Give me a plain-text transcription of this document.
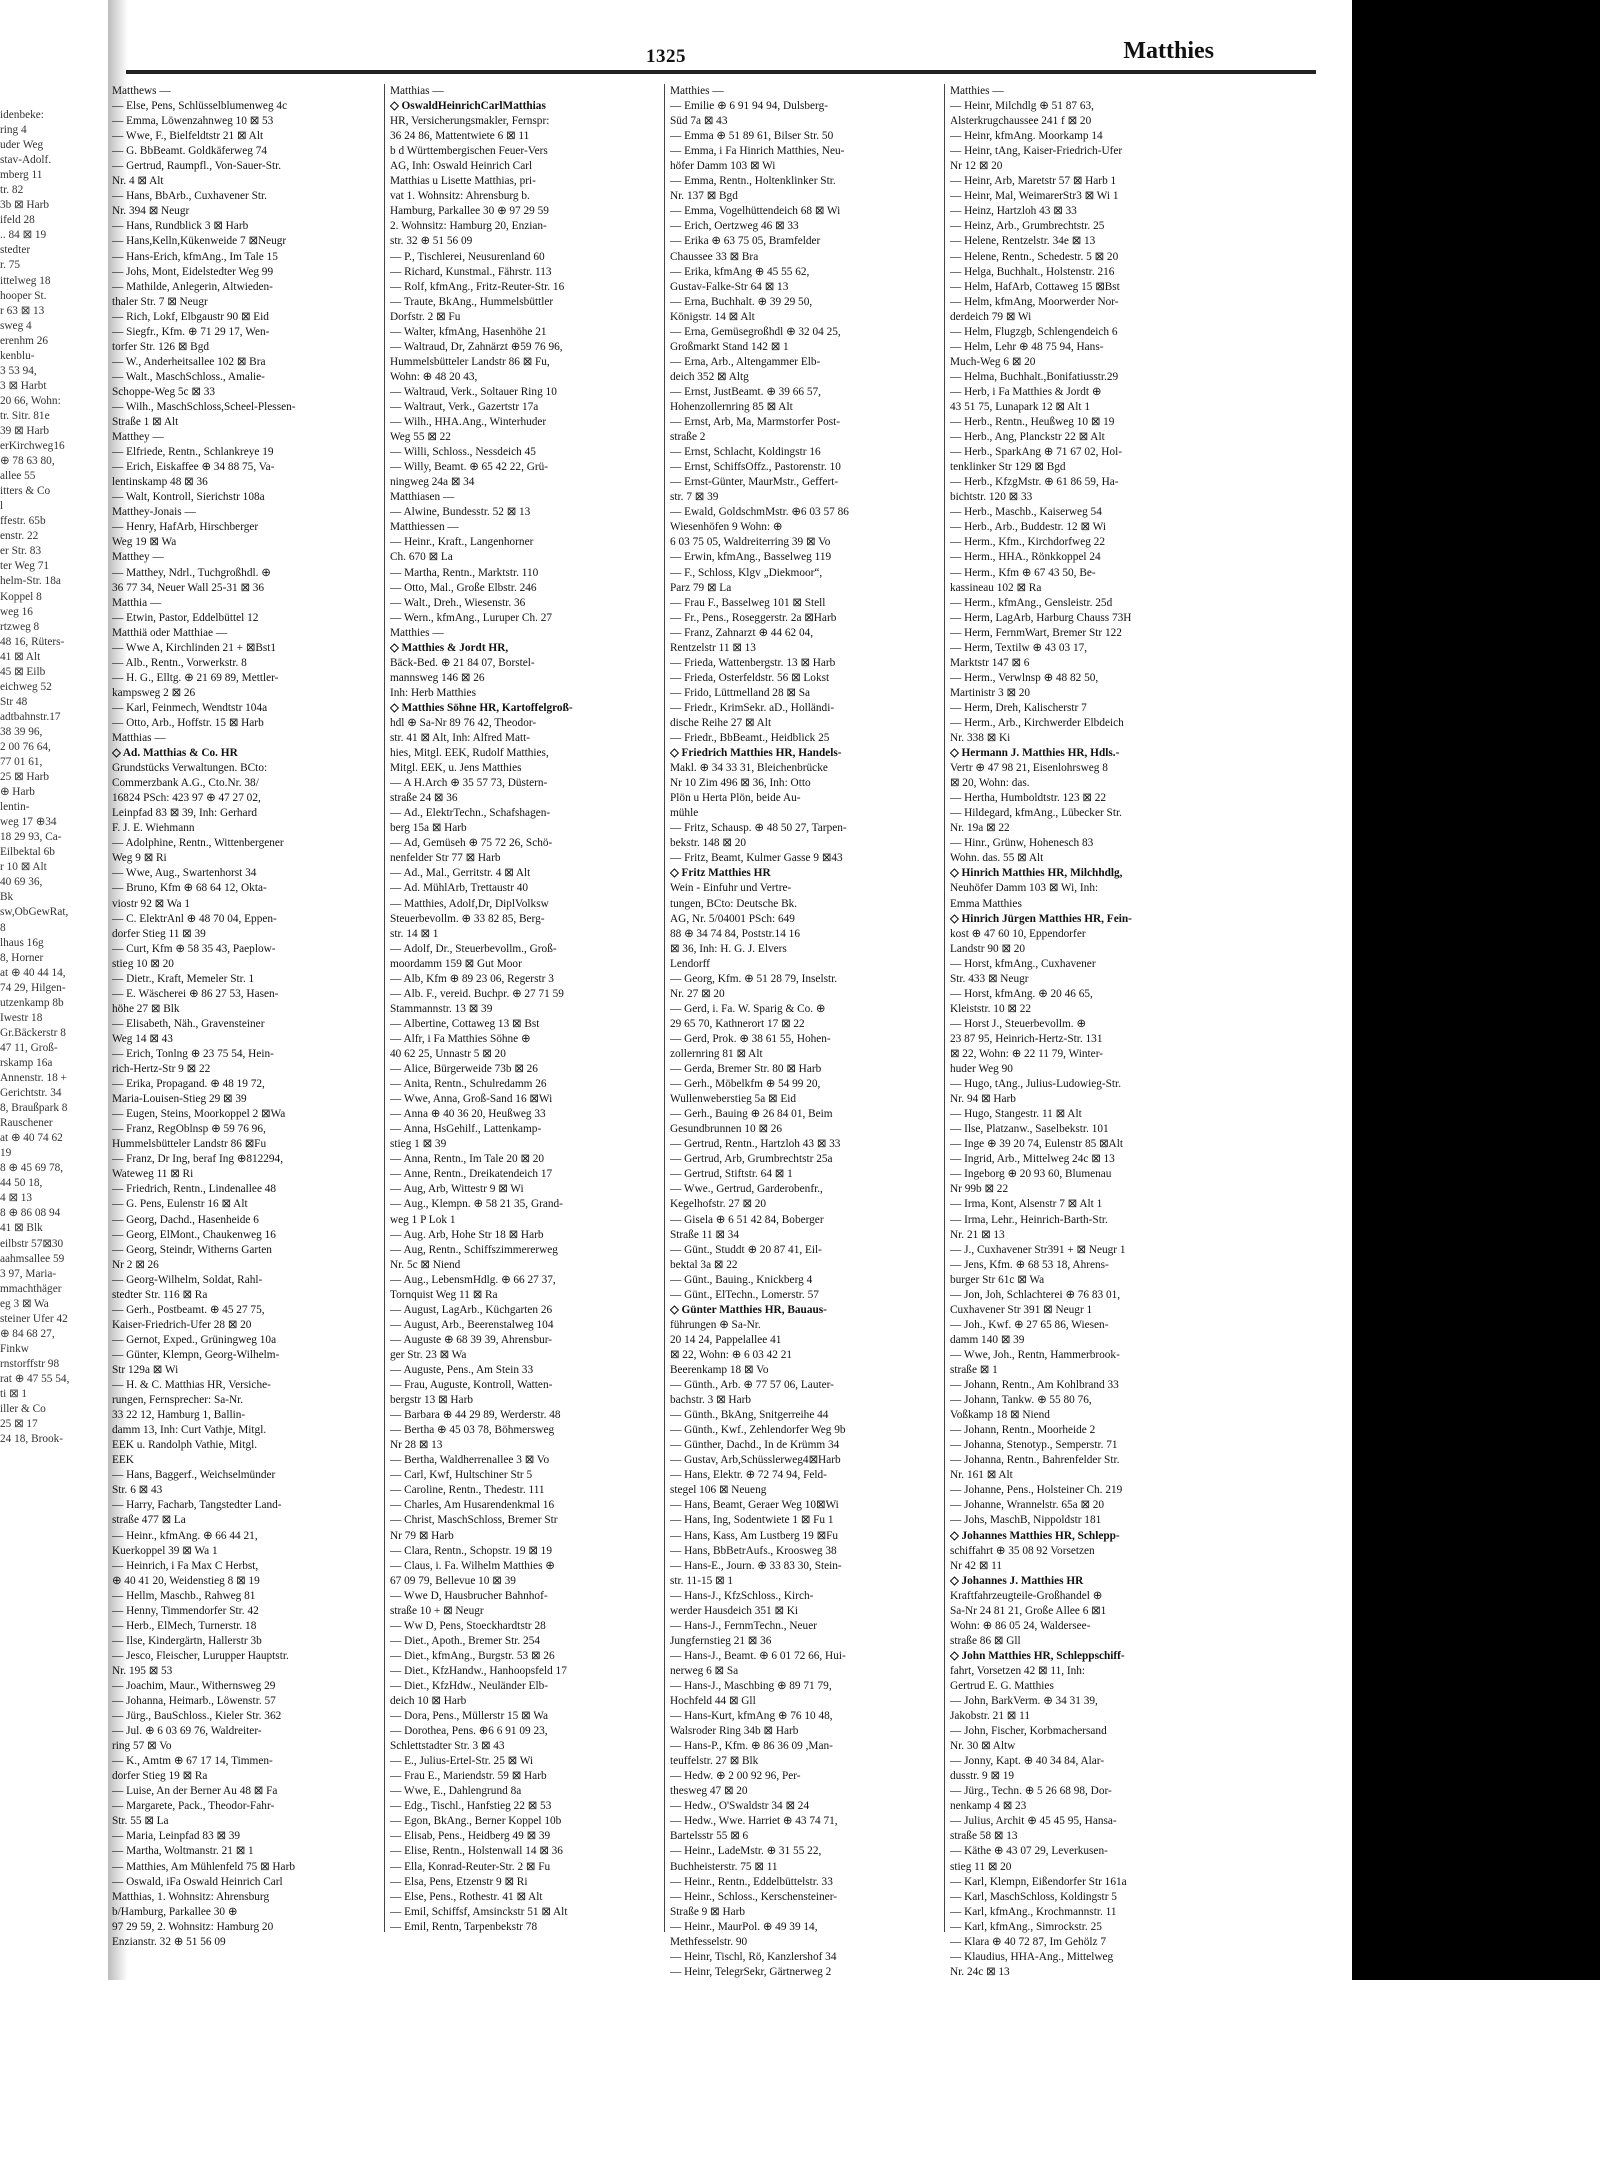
idenbeke:

ring 4

uder Weg

stav-Adolf.

mberg 11

tr. 82

3b ⊠ Harb

ifeld 28

.. 84 ⊠ 19

stedter

r. 75

ittelweg 18

hooper St.

r 63 ⊠ 13

sweg 4

erenhm 26

kenblu-

3 53 94,

3 ⊠ Harbt

20 66, Wohn:

tr. Sitr. 81e

39 ⊠ Harb

erKirchweg16

⊕ 78 63 80,

allee 55

itters & Co

l

ffestr. 65b

enstr. 22

er Str. 83

ter Weg 71

helm-Str. 18a

Koppel 8

weg 16

rtzweg 8

48 16, Rüters-

41 ⊠ Alt

45 ⊠ Eilb

eichweg 52

Str 48

adtbahnstr.17

38 39 96,

2 00 76 64,

77 01 61,

25 ⊠ Harb

⊕ Harb

lentin-

weg 17 ⊕34

18 29 93, Ca-

Eilbektal 6b

r 10 ⊠ Alt

40 69 36,

Bk

sw,ObGewRat,

8

lhaus 16g

8, Horner

at ⊕ 40 44 14,

74 29, Hilgen-

utzenkamp 8b

Iwestr 18

Gr.Bäckerstr 8

47 11, Groß-

rskamp 16a

Annenstr. 18 +

Gerichtstr. 34

8, Braußpark 8

Rauschener

at ⊕ 40 74 62

19

8 ⊕ 45 69 78,

44 50 18,

4 ⊠ 13

8 ⊕ 86 08 94

41 ⊠ Blk

eilbstr 57⊠30

aahmsallee 59

3 97, Maria-

mmachthäger

eg 3 ⊠ Wa

steiner Ufer 42

⊕ 84 68 27,

Finkw

rnstorffstr 98

rat ⊕ 47 55 54,

ti ⊠ 1

iller & Co

25 ⊠ 17

24 18, Brook-

1325	Matthies

Matthews —

— Else, Pens, Schlüsselblumenweg 4c

— Emma, Löwenzahnweg 10 ⊠ 53

— Wwe, F., Bielfeldtstr 21 ⊠ Alt

— G. BbBeamt. Goldkäferweg 74

— Gertrud, Raumpfl., Von-Sauer-Str.

Nr. 4 ⊠ Alt

— Hans, BbArb., Cuxhavener Str.

Nr. 394 ⊠ Neugr

— Hans, Rundblick 3 ⊠ Harb

— Hans,Kelln,Kükenweide 7 ⊠Neugr

— Hans-Erich, kfmAng., Im Tale 15

— Johs, Mont, Eidelstedter Weg 99

— Mathilde, Anlegerin, Altwieden-

thaler Str. 7 ⊠ Neugr

— Rich, Lokf, Elbgaustr 90 ⊠ Eid

— Siegfr., Kfm. ⊕ 71 29 17, Wen-

torfer Str. 126 ⊠ Bgd

— W., Anderheitsallee 102 ⊠ Bra

— Walt., MaschSchloss., Amalie-

Schoppe-Weg 5c ⊠ 33

— Wilh., MaschSchloss,Scheel-Plessen-

Straße 1 ⊠ Alt

Matthey —

— Elfriede, Rentn., Schlankreye 19

— Erich, Eiskaffee ⊕ 34 88 75, Va-

lentinskamp 48 ⊠ 36

— Walt, Kontroll, Sierichstr 108a

Matthey-Jonais —

— Henry, HafArb, Hirschberger

Weg 19 ⊠ Wa

Matthey —

— Matthey, Ndrl., Tuchgroßhdl. ⊕

36 77 34, Neuer Wall 25-31 ⊠ 36

Matthia —

— Etwin, Pastor, Eddelbüttel 12

Matthiä oder Matthiae —

— Wwe A, Kirchlinden 21 + ⊠Bst1

— Alb., Rentn., Vorwerkstr. 8

— H. G., Elltg. ⊕ 21 69 89, Mettler-

kampsweg 2 ⊠ 26

— Karl, Feinmech, Wendtstr 104a

— Otto, Arb., Hoffstr. 15 ⊠ Harb

Matthias —

◇ Ad. Matthias & Co. HR

Grundstücks Verwaltungen. BCto:

Commerzbank A.G., Cto.Nr. 38/

16824 PSch: 423 97 ⊕ 47 27 02,

Leinpfad 83 ⊠ 39, Inh: Gerhard

F. J. E. Wiehmann

— Adolphine, Rentn., Wittenbergener

Weg 9 ⊠ Ri

— Wwe, Aug., Swartenhorst 34

— Bruno, Kfm ⊕ 68 64 12, Okta-

viostr 92 ⊠ Wa 1

— C. ElektrAnl ⊕ 48 70 04, Eppen-

dorfer Stieg 11 ⊠ 39

— Curt, Kfm ⊕ 58 35 43, Paeplow-

stieg 10 ⊠ 20

— Dietr., Kraft, Memeler Str. 1

— E. Wäscherei ⊕ 86 27 53, Hasen-

höhe 27 ⊠ Blk

— Elisabeth, Näh., Gravensteiner

Weg 14 ⊠ 43

— Erich, Tonlng ⊕ 23 75 54, Hein-

rich-Hertz-Str 9 ⊠ 22

— Erika, Propagand. ⊕ 48 19 72,

Maria-Louisen-Stieg 29 ⊠ 39

— Eugen, Steins, Moorkoppel 2 ⊠Wa

— Franz, RegOblnsp ⊕ 59 76 96,

Hummelsbütteler Landstr 86 ⊠Fu

— Franz, Dr Ing, beraf Ing ⊕812294,

Wateweg 11 ⊠ Ri

— Friedrich, Rentn., Lindenallee 48

— G. Pens, Eulenstr 16 ⊠ Alt

— Georg, Dachd., Hasenheide 6

— Georg, ElMont., Chaukenweg 16

— Georg, Steindr, Witherns Garten

Nr 2 ⊠ 26

— Georg-Wilhelm, Soldat, Rahl-

stedter Str. 116 ⊠ Ra

— Gerh., Postbeamt. ⊕ 45 27 75,

Kaiser-Friedrich-Ufer 28 ⊠ 20

— Gernot, Exped., Grüningweg 10a

— Günter, Klempn, Georg-Wilhelm-

Str 129a ⊠ Wi

— H. & C. Matthias HR, Versiche-

rungen, Fernsprecher: Sa-Nr.

33 22 12, Hamburg 1, Ballin-

damm 13, Inh: Curt Vathje, Mitgl.

EEK u. Randolph Vathie, Mitgl.

EEK

— Hans, Baggerf., Weichselmünder

Str. 6 ⊠ 43

— Harry, Facharb, Tangstedter Land-

straße 477 ⊠ La

— Heinr., kfmAng. ⊕ 66 44 21,

Kuerkoppel 39 ⊠ Wa 1

— Heinrich, i Fa Max C Herbst,

⊕ 40 41 20, Weidenstieg 8 ⊠ 19

— Hellm, Maschb., Rahweg 81

— Henny, Timmendorfer Str. 42

— Herb., ElMech, Turnerstr. 18

— Ilse, Kindergärtn, Hallerstr 3b

— Jesco, Fleischer, Lurupper Hauptstr.

Nr. 195 ⊠ 53

— Joachim, Maur., Withernsweg 29

— Johanna, Heimarb., Löwenstr. 57

— Jürg., BauSchloss., Kieler Str. 362

— Jul. ⊕ 6 03 69 76, Waldreiter-

ring 57 ⊠ Vo

— K., Amtm ⊕ 67 17 14, Timmen-

dorfer Stieg 19 ⊠ Ra

— Luise, An der Berner Au 48 ⊠ Fa

— Margarete, Pack., Theodor-Fahr-

Str. 55 ⊠ La

— Maria, Leinpfad 83 ⊠ 39

— Martha, Woltmanstr. 21 ⊠ 1

— Matthies, Am Mühlenfeld 75 ⊠ Harb

— Oswald, iFa Oswald Heinrich Carl

Matthias, 1. Wohnsitz: Ahrensburg

b/Hamburg, Parkallee 30 ⊕

97 29 59, 2. Wohnsitz: Hamburg 20

Enzianstr. 32 ⊕ 51 56 09

Matthias —

◇ OswaldHeinrichCarlMatthias

HR, Versicherungsmakler, Fernspr:

36 24 86, Mattentwiete 6 ⊠ 11

b d Württembergischen Feuer-Vers

AG, Inh: Oswald Heinrich Carl

Matthias u Lisette Matthias, pri-

vat 1. Wohnsitz: Ahrensburg b.

Hamburg, Parkallee 30 ⊕ 97 29 59

2. Wohnsitz: Hamburg 20, Enzian-

str. 32 ⊕ 51 56 09

— P., Tischlerei, Neusurenland 60

— Richard, Kunstmal., Fährstr. 113

— Rolf, kfmAng., Fritz-Reuter-Str. 16

— Traute, BkAng., Hummelsbüttler

Dorfstr. 2 ⊠ Fu

— Walter, kfmAng, Hasenhöhe 21

— Waltraud, Dr, Zahnärzt ⊕59 76 96,

Hummelsbütteler Landstr 86 ⊠ Fu,

Wohn: ⊕ 48 20 43,

— Waltraud, Verk., Soltauer Ring 10

— Waltraut, Verk., Gazertstr 17a

— Wilh., HHA.Ang., Winterhuder

Weg 55 ⊠ 22

— Willi, Schloss., Nessdeich 45

— Willy, Beamt. ⊕ 65 42 22, Grü-

ningweg 24a ⊠ 34

Matthiasen —

— Alwine, Bundesstr. 52 ⊠ 13

Matthiessen —

— Heinr., Kraft., Langenhorner

Ch. 670 ⊠ La

— Martha, Rentn., Marktstr. 110

— Otto, Mal., Große Elbstr. 246

— Walt., Dreh., Wiesenstr. 36

— Wern., kfmAng., Luruper Ch. 27

Matthies —

◇ Matthies & Jordt HR,

Bäck-Bed. ⊕ 21 84 07, Borstel-

mannsweg 146 ⊠ 26

Inh: Herb Matthies

◇ Matthies Söhne HR, Kartoffelgroß-

hdl ⊕ Sa-Nr 89 76 42, Theodor-

str. 41 ⊠ Alt, Inh: Alfred Matt-

hies, Mitgl. EEK, Rudolf Matthies,

Mitgl. EEK, u. Jens Matthies

— A H.Arch ⊕ 35 57 73, Düstern-

straße 24 ⊠ 36

— Ad., ElektrTechn., Schafshagen-

berg 15a ⊠ Harb

— Ad, Gemüseh ⊕ 75 72 26, Schö-

nenfelder Str 77 ⊠ Harb

— Ad., Mal., Gerritstr. 4 ⊠ Alt

— Ad. MühlArb, Trettaustr 40

— Matthies, Adolf,Dr, DiplVolksw

Steuerbevollm. ⊕ 33 82 85, Berg-

str. 14 ⊠ 1

— Adolf, Dr., Steuerbevollm., Groß-

moordamm 159 ⊠ Gut Moor

— Alb, Kfm ⊕ 89 23 06, Regerstr 3

— Alb. F., vereid. Buchpr. ⊕ 27 71 59

Stammannstr. 13 ⊠ 39

— Albertine, Cottaweg 13 ⊠ Bst

— Alfr, i Fa Matthies Söhne ⊕

40 62 25, Unnastr 5 ⊠ 20

— Alice, Bürgerweide 73b ⊠ 26

— Anita, Rentn., Schulredamm 26

— Wwe, Anna, Groß-Sand 16 ⊠Wi

— Anna ⊕ 40 36 20, Heußweg 33

— Anna, HsGehilf., Lattenkamp-

stieg 1 ⊠ 39

— Anna, Rentn., Im Tale 20 ⊠ 20

— Anne, Rentn., Dreikatendeich 17

— Aug, Arb, Wittestr 9 ⊠ Wi

— Aug., Klempn. ⊕ 58 21 35, Grand-

weg 1 P Lok 1

— Aug. Arb, Hohe Str 18 ⊠ Harb

— Aug, Rentn., Schiffszimmererweg

Nr. 5c ⊠ Niend

— Aug., LebensmHdlg. ⊕ 66 27 37,

Tornquist Weg 11 ⊠ Ra

— August, LagArb., Küchgarten 26

— August, Arb., Beerenstalweg 104

— Auguste ⊕ 68 39 39, Ahrensbur-

ger Str. 23 ⊠ Wa

— Auguste, Pens., Am Stein 33

— Frau, Auguste, Kontroll, Watten-

bergstr 13 ⊠ Harb

— Barbara ⊕ 44 29 89, Werderstr. 48

— Bertha ⊕ 45 03 78, Böhmersweg

Nr 28 ⊠ 13

— Bertha, Waldherrenallee 3 ⊠ Vo

— Carl, Kwf, Hultschiner Str 5

— Caroline, Rentn., Thedestr. 111

— Charles, Am Husarendenkmal 16

— Christ, MaschSchloss, Bremer Str

Nr 79 ⊠ Harb

— Clara, Rentn., Schopstr. 19 ⊠ 19

— Claus, i. Fa. Wilhelm Matthies ⊕

67 09 79, Bellevue 10 ⊠ 39

— Wwe D, Hausbrucher Bahnhof-

straße 10 + ⊠ Neugr

— Ww D, Pens, Stoeckhardtstr 28

— Diet., Apoth., Bremer Str. 254

— Diet., kfmAng., Burgstr. 53 ⊠ 26

— Diet., KfzHandw., Hanhoopsfeld 17

— Diet., KfzHdw., Neuländer Elb-

deich 10 ⊠ Harb

— Dora, Pens., Müllerstr 15 ⊠ Wa

— Dorothea, Pens. ⊕6 6 91 09 23,

Schlettstadter Str. 3 ⊠ 43

— E., Julius-Ertel-Str. 25 ⊠ Wi

— Frau E., Mariendstr. 59 ⊠ Harb

— Wwe, E., Dahlengrund 8a

— Edg., Tischl., Hanfstieg 22 ⊠ 53

— Egon, BkAng., Berner Koppel 10b

— Elisab, Pens., Heidberg 49 ⊠ 39

— Elise, Rentn., Holstenwall 14 ⊠ 36

— Ella, Konrad-Reuter-Str. 2 ⊠ Fu

— Elsa, Pens, Etzenstr 9 ⊠ Ri

— Else, Pens., Rothestr. 41 ⊠ Alt

— Emil, Schiffsf, Amsinckstr 51 ⊠ Alt

— Emil, Rentn, Tarpenbekstr 78

Matthies —

— Emilie ⊕ 6 91 94 94, Dulsberg-

Süd 7a ⊠ 43

— Emma ⊕ 51 89 61, Bilser Str. 50

— Emma, i Fa Hinrich Matthies, Neu-

höfer Damm 103 ⊠ Wi

— Emma, Rentn., Holtenklinker Str.

Nr. 137 ⊠ Bgd

— Emma, Vogelhüttendeich 68 ⊠ Wi

— Erich, Oertzweg 46 ⊠ 33

— Erika ⊕ 63 75 05, Bramfelder

Chaussee 33 ⊠ Bra

— Erika, kfmAng ⊕ 45 55 62,

Gustav-Falke-Str 64 ⊠ 13

— Erna, Buchhalt. ⊕ 39 29 50,

Königstr. 14 ⊠ Alt

— Erna, Gemüsegroßhdl ⊕ 32 04 25,

Großmarkt Stand 142 ⊠ 1

— Erna, Arb., Altengammer Elb-

deich 352 ⊠ Altg

— Ernst, JustBeamt. ⊕ 39 66 57,

Hohenzollernring 85 ⊠ Alt

— Ernst, Arb, Ma, Marmstorfer Post-

straße 2

— Ernst, Schlacht, Koldingstr 16

— Ernst, SchiffsOffz., Pastorenstr. 10

— Ernst-Günter, MaurMstr., Geffert-

str. 7 ⊠ 39

— Ewald, GoldschmMstr. ⊕6 03 57 86

Wiesenhöfen 9 Wohn: ⊕

6 03 75 05, Waldreiterring 39 ⊠ Vo

— Erwin, kfmAng., Basselweg 119

— F., Schloss, Klgv „Diekmoor“,

Parz 79 ⊠ La

— Frau F., Basselweg 101 ⊠ Stell

— Fr., Pens., Roseggerstr. 2a ⊠Harb

— Franz, Zahnarzt ⊕ 44 62 04,

Rentzelstr 11 ⊠ 13

— Frieda, Wattenbergstr. 13 ⊠ Harb

— Frieda, Osterfeldstr. 56 ⊠ Lokst

— Frido, Lüttmelland 28 ⊠ Sa

— Friedr., KrimSekr. aD., Holländi-

dische Reihe 27 ⊠ Alt

— Friedr., BbBeamt., Heidblick 25

◇ Friedrich Matthies HR, Handels-

Makl. ⊕ 34 33 31, Bleichenbrücke

Nr 10 Zim 496 ⊠ 36, Inh: Otto

Plön u Herta Plön, beide Au-

mühle

— Fritz, Schausp. ⊕ 48 50 27, Tarpen-

bekstr. 148 ⊠ 20

— Fritz, Beamt, Kulmer Gasse 9 ⊠43

◇ Fritz Matthies HR

Wein - Einfuhr und Vertre-

tungen, BCto: Deutsche Bk.

AG, Nr. 5/04001 PSch: 649

88 ⊕ 34 74 84, Poststr.14 16

⊠ 36, Inh: H. G. J. Elvers

Lendorff

— Georg, Kfm. ⊕ 51 28 79, Inselstr.

Nr. 27 ⊠ 20

— Gerd, i. Fa. W. Sparig & Co. ⊕

29 65 70, Kathnerort 17 ⊠ 22

— Gerd, Prok. ⊕ 38 61 55, Hohen-

zollernring 81 ⊠ Alt

— Gerda, Bremer Str. 80 ⊠ Harb

— Gerh., Möbelkfm ⊕ 54 99 20,

Wullenweberstieg 5a ⊠ Eid

— Gerh., Bauing ⊕ 26 84 01, Beim

Gesundbrunnen 10 ⊠ 26

— Gertrud, Rentn., Hartzloh 43 ⊠ 33

— Gertrud, Arb, Grumbrechtstr 25a

— Gertrud, Stiftstr. 64 ⊠ 1

— Wwe., Gertrud, Garderobenfr.,

Kegelhofstr. 27 ⊠ 20

— Gisela ⊕ 6 51 42 84, Boberger

Straße 11 ⊠ 34

— Günt., Studdt ⊕ 20 87 41, Eil-

bektal 3a ⊠ 22

— Günt., Bauing., Knickberg 4

— Günt., ElTechn., Lomerstr. 57

◇ Günter Matthies HR, Bauaus-

führungen ⊕ Sa-Nr.

20 14 24, Pappelallee 41

⊠ 22, Wohn: ⊕ 6 03 42 21

Beerenkamp 18 ⊠ Vo

— Günth., Arb. ⊕ 77 57 06, Lauter-

bachstr. 3 ⊠ Harb

— Günth., BkAng, Snitgerreihe 44

— Günth., Kwf., Zehlendorfer Weg 9b

— Günther, Dachd., In de Krümm 34

— Gustav, Arb,Schüsslerweg4⊠Harb

— Hans, Elektr. ⊕ 72 74 94, Feld-

stegel 106 ⊠ Neueng

— Hans, Beamt, Geraer Weg 10⊠Wi

— Hans, Ing, Sodentwiete 1 ⊠ Fu 1

— Hans, Kass, Am Lustberg 19 ⊠Fu

— Hans, BbBetrAufs., Kroosweg 38

— Hans-E., Journ. ⊕ 33 83 30, Stein-

str. 11-15 ⊠ 1

— Hans-J., KfzSchloss., Kirch-

werder Hausdeich 351 ⊠ Ki

— Hans-J., FernmTechn., Neuer

Jungfernstieg 21 ⊠ 36

— Hans-J., Beamt. ⊕ 6 01 72 66, Hui-

nerweg 6 ⊠ Sa

— Hans-J., Maschbing ⊕ 89 71 79,

Hochfeld 44 ⊠ Gll

— Hans-Kurt, kfmAng ⊕ 76 10 48,

Walsroder Ring 34b ⊠ Harb

— Hans-P., Kfm. ⊕ 86 36 09 ,Man-

teuffelstr. 27 ⊠ Blk

— Hedw. ⊕ 2 00 92 96, Per-

thesweg 47 ⊠ 20

— Hedw., O'Swaldstr 34 ⊠ 24

— Hedw., Wwe. Harriet ⊕ 43 74 71,

Bartelsstr 55 ⊠ 6

— Heinr., LadeMstr. ⊕ 31 55 22,

Buchheisterstr. 75 ⊠ 11

— Heinr., Rentn., Eddelbüttelstr. 33

— Heinr., Schloss., Kerschensteiner-

Straße 9 ⊠ Harb

— Heinr., MaurPol. ⊕ 49 39 14,

Methfesselstr. 90

— Heinr, Tischl, Rö, Kanzlershof 34

— Heinr, TelegrSekr, Gärtnerweg 2

Matthies —

— Heinr, Milchdlg ⊕ 51 87 63,

Alsterkrugchaussee 241 f ⊠ 20

— Heinr, kfmAng. Moorkamp 14

— Heinr, tAng, Kaiser-Friedrich-Ufer

Nr 12 ⊠ 20

— Heinr, Arb, Maretstr 57 ⊠ Harb 1

— Heinr, Mal, WeimarerStr3 ⊠ Wi 1

— Heinz, Hartzloh 43 ⊠ 33

— Heinz, Arb., Grumbrechtstr. 25

— Helene, Rentzelstr. 34e ⊠ 13

— Helene, Rentn., Schedestr. 5 ⊠ 20

— Helga, Buchhalt., Holstenstr. 216

— Helm, HafArb, Cottaweg 15 ⊠Bst

— Helm, kfmAng, Moorwerder Nor-

derdeich 79 ⊠ Wi

— Helm, Flugzgb, Schlengendeich 6

— Helm, Lehr ⊕ 48 75 94, Hans-

Much-Weg 6 ⊠ 20

— Helma, Buchhalt.,Bonifatiusstr.29

— Herb, i Fa Matthies & Jordt ⊕

43 51 75, Lunapark 12 ⊠ Alt 1

— Herb., Rentn., Heußweg 10 ⊠ 19

— Herb., Ang, Planckstr 22 ⊠ Alt

— Herb., SparkAng ⊕ 71 67 02, Hol-

tenklinker Str 129 ⊠ Bgd

— Herb., KfzgMstr. ⊕ 61 86 59, Ha-

bichtstr. 120 ⊠ 33

— Herb., Maschb., Kaiserweg 54

— Herb., Arb., Buddestr. 12 ⊠ Wi

— Herm., Kfm., Kirchdorfweg 22

— Herm., HHA., Rönkkoppel 24

— Herm., Kfm ⊕ 67 43 50, Be-

kassineau 102 ⊠ Ra

— Herm., kfmAng., Gensleistr. 25d

— Herm, LagArb, Harburg Chauss 73H

— Herm, FernmWart, Bremer Str 122

— Herm, Textilw ⊕ 43 03 17,

Marktstr 147 ⊠ 6

— Herm., Verwlnsp ⊕ 48 82 50,

Martinistr 3 ⊠ 20

— Herm, Dreh, Kalischerstr 7

— Herm., Arb., Kirchwerder Elbdeich

Nr. 338 ⊠ Ki

◇ Hermann J. Matthies HR, Hdls.-

Vertr ⊕ 47 98 21, Eisenlohrsweg 8

⊠ 20, Wohn: das.

— Hertha, Humboldtstr. 123 ⊠ 22

— Hildegard, kfmAng., Lübecker Str.

Nr. 19a ⊠ 22

— Hinr., Grünw, Hohenesch 83

Wohn. das. 55 ⊠ Alt

◇ Hinrich Matthies HR, Milchhdlg,

Neuhöfer Damm 103 ⊠ Wi, Inh:

Emma Matthies

◇ Hinrich Jürgen Matthies HR, Fein-

kost ⊕ 47 60 10, Eppendorfer

Landstr 90 ⊠ 20

— Horst, kfmAng., Cuxhavener

Str. 433 ⊠ Neugr

— Horst, kfmAng. ⊕ 20 46 65,

Kleiststr. 10 ⊠ 22

— Horst J., Steuerbevollm. ⊕

23 87 95, Heinrich-Hertz-Str. 131

⊠ 22, Wohn: ⊕ 22 11 79, Winter-

huder Weg 90

— Hugo, tAng., Julius-Ludowieg-Str.

Nr. 94 ⊠ Harb

— Hugo, Stangestr. 11 ⊠ Alt

— Ilse, Platzanw., Saselbekstr. 101

— Inge ⊕ 39 20 74, Eulenstr 85 ⊠Alt

— Ingrid, Arb., Mittelweg 24c ⊠ 13

— Ingeborg ⊕ 20 93 60, Blumenau

Nr 99b ⊠ 22

— Irma, Kont, Alsenstr 7 ⊠ Alt 1

— Irma, Lehr., Heinrich-Barth-Str.

Nr. 21 ⊠ 13

— J., Cuxhavener Str391 + ⊠ Neugr 1

— Jens, Kfm. ⊕ 68 53 18, Ahrens-

burger Str 61c ⊠ Wa

— Jon, Joh, Schlachterei ⊕ 76 83 01,

Cuxhavener Str 391 ⊠ Neugr 1

— Joh., Kwf. ⊕ 27 65 86, Wiesen-

damm 140 ⊠ 39

— Wwe, Joh., Rentn, Hammerbrook-

straße ⊠ 1

— Johann, Rentn., Am Kohlbrand 33

— Johann, Tankw. ⊕ 55 80 76,

Voßkamp 18 ⊠ Niend

— Johann, Rentn., Moorheide 2

— Johanna, Stenotyp., Semperstr. 71

— Johanna, Rentn., Bahrenfelder Str.

Nr. 161 ⊠ Alt

— Johanne, Pens., Holsteiner Ch. 219

— Johanne, Wrannelstr. 65a ⊠ 20

— Johs, MaschB, Nippoldstr 181

◇ Johannes Matthies HR, Schlepp-

schiffahrt ⊕ 35 08 92 Vorsetzen

Nr 42 ⊠ 11

◇ Johannes J. Matthies HR

Kraftfahrzeugteile-Großhandel ⊕

Sa-Nr 24 81 21, Große Allee 6 ⊠1

Wohn: ⊕ 86 05 24, Waldersee-

straße 86 ⊠ Gll

◇ John Matthies HR, Schleppschiff-

fahrt, Vorsetzen 42 ⊠ 11, Inh:

Gertrud E. G. Matthies

— John, BarkVerm. ⊕ 34 31 39,

Jakobstr. 21 ⊠ 11

— John, Fischer, Korbmachersand

Nr. 30 ⊠ Altw

— Jonny, Kapt. ⊕ 40 34 84, Alar-

dusstr. 9 ⊠ 19

— Jürg., Techn. ⊕ 5 26 68 98, Dor-

nenkamp 4 ⊠ 23

— Julius, Archit ⊕ 45 45 95, Hansa-

straße 58 ⊠ 13

— Käthe ⊕ 43 07 29, Leverkusen-

stieg 11 ⊠ 20

— Karl, Klempn, Eißendorfer Str 161a

— Karl, MaschSchloss, Koldingstr 5

— Karl, kfmAng., Krochmannstr. 11

— Karl, kfmAng., Simrockstr. 25

— Klara ⊕ 40 72 87, Im Gehölz 7

— Klaudius, HHA-Ang., Mittelweg

Nr. 24c ⊠ 13
